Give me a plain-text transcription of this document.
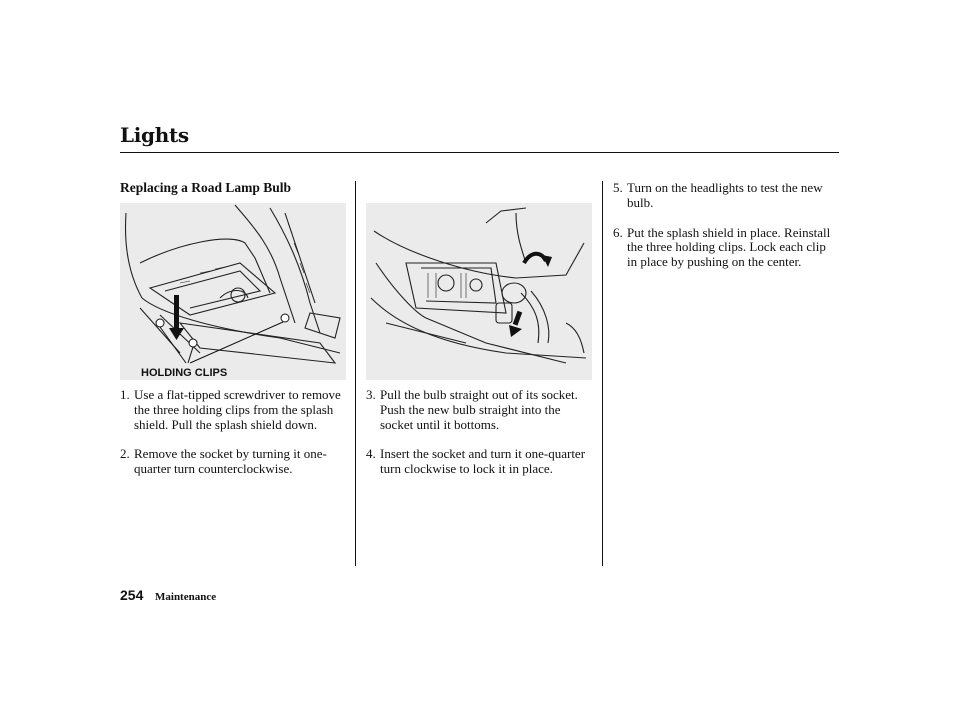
Lights
Replacing a Road Lamp Bulb
HOLDING CLIPS

1. Use a flat-tipped screwdriver to remove the three holding clips from the splash shield. Pull the splash shield down.

2. Remove the socket by turning it one-quarter turn counterclockwise.

3. Pull the bulb straight out of its socket.
Push the new bulb straight into the socket until it bottoms.

4. Insert the socket and turn it one-quarter turn clockwise to lock it in place.

5. Turn on the headlights to test the new bulb.

6. Put the splash shield in place. Reinstall the three holding clips. Lock each clip in place by pushing on the center.

254 Maintenance
